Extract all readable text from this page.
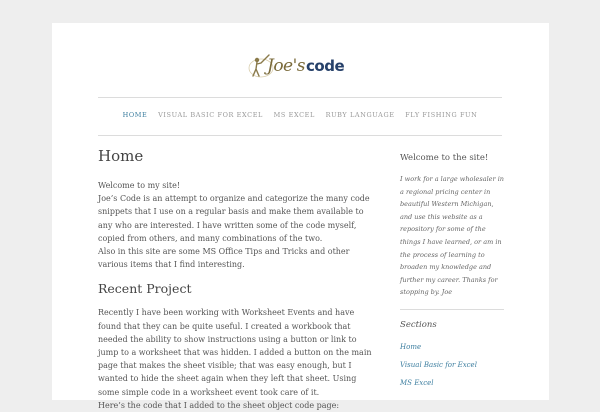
Joe's code
HOME VISUAL BASIC FOR EXCEL MS EXCEL RUBY LANGUAGE FLY FISHING FUN
Home

Welcome to my site!

Joe’s Code is an attempt to organize and categorize the many code snippets that I use on a regular basis and make them available to any who are interested. I have written some of the code myself, copied from others, and many combinations of the two.

Also in this site are some MS Office Tips and Tricks and other various items that I find interesting.

Recent Project

Recently I have been working with Worksheet Events and have found that they can be quite useful. I created a workbook that needed the ability to show instructions using a button or link to jump to a worksheet that was hidden. I added a button on the main page that makes the sheet visible; that was easy enough, but I wanted to hide the sheet again when they left that sheet. Using some simple code in a worksheet event took care of it.

Here’s the code that I added to the sheet object code page:

Welcome to the site!

I work for a large wholesaler in a regional pricing center in beautiful Western Michigan, and use this website as a repository for some of the things I have learned, or am in the process of learning to broaden my knowledge and further my career. Thanks for stopping by. Joe

Sections
Home
Visual Basic for Excel
MS Excel
